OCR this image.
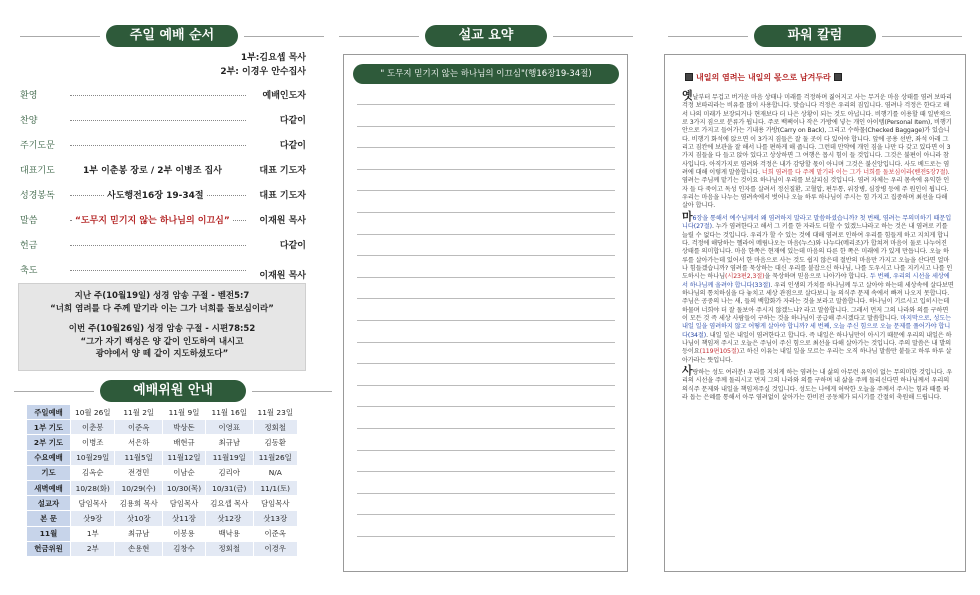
주일 예배 순서
1부:김요셉 목사
2부: 이경우 안수집사
환영	예배인도자
찬양	다같이
주기도문	다같이
대표기도	1부 이춘봉 장로 / 2부 이병조 집사	대표 기도자
성경봉독	사도행전16장 19-34절	대표 기도자
말씀	“도무지 믿기지 않는 하나님의 이끄심”	이재원 목사
헌금	다같이
축도	이재원 목사
지난 주(10월19일) 성경 암송 구절 - 벧전5:7
“너희 염려를 다 주께 맡기라 이는 그가 너희를 돌보심이라”
이번 주(10월26일) 성경 암송 구절 - 시편78:52
“그가 자기 백성은 양 같이 인도하여 내시고
광야에서 양 떼 같이 지도하셨도다”
예배위원 안내
주일예배	10월 26일	11월 2일	11월 9일	11월 16일	11월 23일
1부 기도	이춘봉	이준옥	박상돈	이영표	정회철
2부 기도	이병조	서은하	배현규	최규남	김동환
수요예배	10월29일	11월5일	11월12일	11월19일	11월26일
기도	김옥순	전경민	이남순	김리아	N/A
새벽예배	10/28(화)	10/29(수)	10/30(목)	10/31(금)	11/1(토)
설교자	담임목사	김용희 목사	담임목사	김요셉 목사	담임목사
본 문	삿9장	삿10장	삿11장	삿12장	삿13장
11월	1부	최규남	이봉용	백낙용	이준옥
헌금위원	2부	손용현	김창수	정회철	이경우
설교 요약
" 도무지 믿기지 않는 하나님의 이끄심"(행16장19-34절)
파워 칼럼
내일의 염려는 내일의 몫으로 남겨두라

옛날부터 무겁고 버거운 마음 상태나 미래를 걱정하며 짊어지고 사는 무거운 마음 상태를 염려 보따리 걱정 보따리라는 비유를 많이 사용합니다. 맞습니다 걱정은 우리의 짐입니다. 염려나 걱정은 한다고 해서 나의 미래가 보장되거나 현재보다 더 나은 상황이 되는 것도 아닙니다. 비행기를 이용할 때 일반적으로 3가지 짐으로 분류가 됩니다. 주로 백팩이나 작은 가방에 넣는 개인 아이템(Personal Item), 비행기 안으로 가지고 들어가는 기내용 가방(Carry on Back), 그리고 수하물(Checked Baggage)가 있습니다. 비행기 화석에 앉으면 이 3가지 짐들은 잘 둘 곳이 다 있어야 합니다. 앞에 공용 선반, 좌석 아래 그리고 짐칸에 보관을 잘 해서 나를 편하게 해 줍니다. 그런데 만약에 개인 짐을 나만 다 갖고 있다면 이 3가지 짐들을 다 들고 앉아 있다고 상상하면 그 여행은 몹시 힘이 들 것입니다. 그것은 불편이 아니라 참사입니다. 아직가지로 염려와 걱정은 내가 감당할 몫이 아니며 그것은 불신앙입니다. 사도 베드로는 염려에 대해 이렇게 말씀합니다. 너희 염려를 다 주께 맡기라 이는 그가 너희를 돌보심이라(벧전5장7절). 염려는 주님께 맡기는 것이요 하나님이 우리를 보살피심 것입니다. 염려 자체는 우리 몸속에 유익한 인자 들 다 죽이고 독성 인자를 살려서 정신질환, 고혈압, 편두통, 위장병, 심장병 등에 주 원인이 됩니다. 우리는 마음을 나누는 염려속에서 벗어나 오늘 하루 하나님이 주시는 힘 가지고 집중하며 최선을 다해 살아 합니다.

마6장을 통해서 예수님께서 왜 염려하지 말라고 말씀하셨습니까? 첫 번째, 염려는 무의미하기 때문입니다(27절). 누가 염려한다고 해서 그 키를 한 자라도 더할 수 있겠느냐라고 하는 것은 내 염려로 키를 늘릴 수 없다는 것입니다. 우리가 할 수 있는 것에 대해 염려로 인하여 우리를 힘들게 하고 지치게 합니다. 걱정에 해당하는 헬라어 메림나오는 마음(누스)와 나누다(메리조)가 합쳐져 마음이 둘로 나누어진 상태를 의미합니다. 마음 한쪽은 현재에 있는데 마음의 다른 한 쪽은 미래에 가 있게 만듭니다. 오늘 하루를 살아가는데 있어서 한 마음으로 사는 것도 쉽지 않은데 절반의 마음만 가지고 오늘을 산다면 얼마나 힘들겠습니까? 염려를 묵상하는 대신 우리를 붙잡으신 하나님, 나를 도우시고 나를 지키시고 나를 인도하시는 하나님(시23편2,3절)을 묵상하며 믿음으로 나아가야 합니다. 두 번째, 우리의 시선을 세상에서 하나님께 올려야 합니다(33절). 우리 인생의 가치를 하나님께 두고 살아야 하는데 세상속에 살다보면 하나님의 통치하심을 다 놓치고 세상 관점으로 살다보니 늘 의식주 문제 속에서 빠져 나오지 못합니다. 주님은 공중의 나는 새, 들의 백합화가 자라는 것을 보라고 말씀합니다. 하나님이 기르시고 입히시는데 하물며 너희야 더 잘 돌보아 주시지 않겠느냐? 라고 말씀합니다. 그래서 먼저 그의 나라와 의를 구하면 이 모든 것 즉 세상 사람들이 구하는 것을 하나님이 공급해 주시겠다고 말씀합니다. 마지막으로, 성도는 내일 일을 염려하지 않고 어떻게 살아야 합니까? 세 번째, 오늘 주신 힘으로 오늘 문제를 풀어가야 합니다(34절). 내일 일은 내일이 염려한다고 합니다. 즉 내일은 하나님만이 아시기 때문에 우리의 내일은 하나님이 책임져 주시고 오늘은 주님이 주신 힘으로 최선을 다해 살아가는 것입니다. 주의 말씀은 내 발의 등이요(119편105절)고 하신 이유는 내일 일을 모르는 우리는 오직 하나님 말씀만 붙들고 하루 하루 살아가라는 뜻입니다.

사랑하는 성도 여러분! 우리를 지치게 하는 염려는 내 삶의 아무런 유익이 없는 무의미한 것입니다. 우리의 시선을 주께 돌리시고 먼저 그의 나라와 의를 구하며 내 삶을 주께 돌리신다면 하나님께서 우리의 의식주 문제와 내일을 책임져주실 것입니다. 성도는 나에게 허락한 오늘을 주께서 주시는 힘과 때를 따라 돕는 은혜를 통해서 아무 염려없이 살아가는 한비전 공동체가 되시기를 간절히 축원해 드립니다.
